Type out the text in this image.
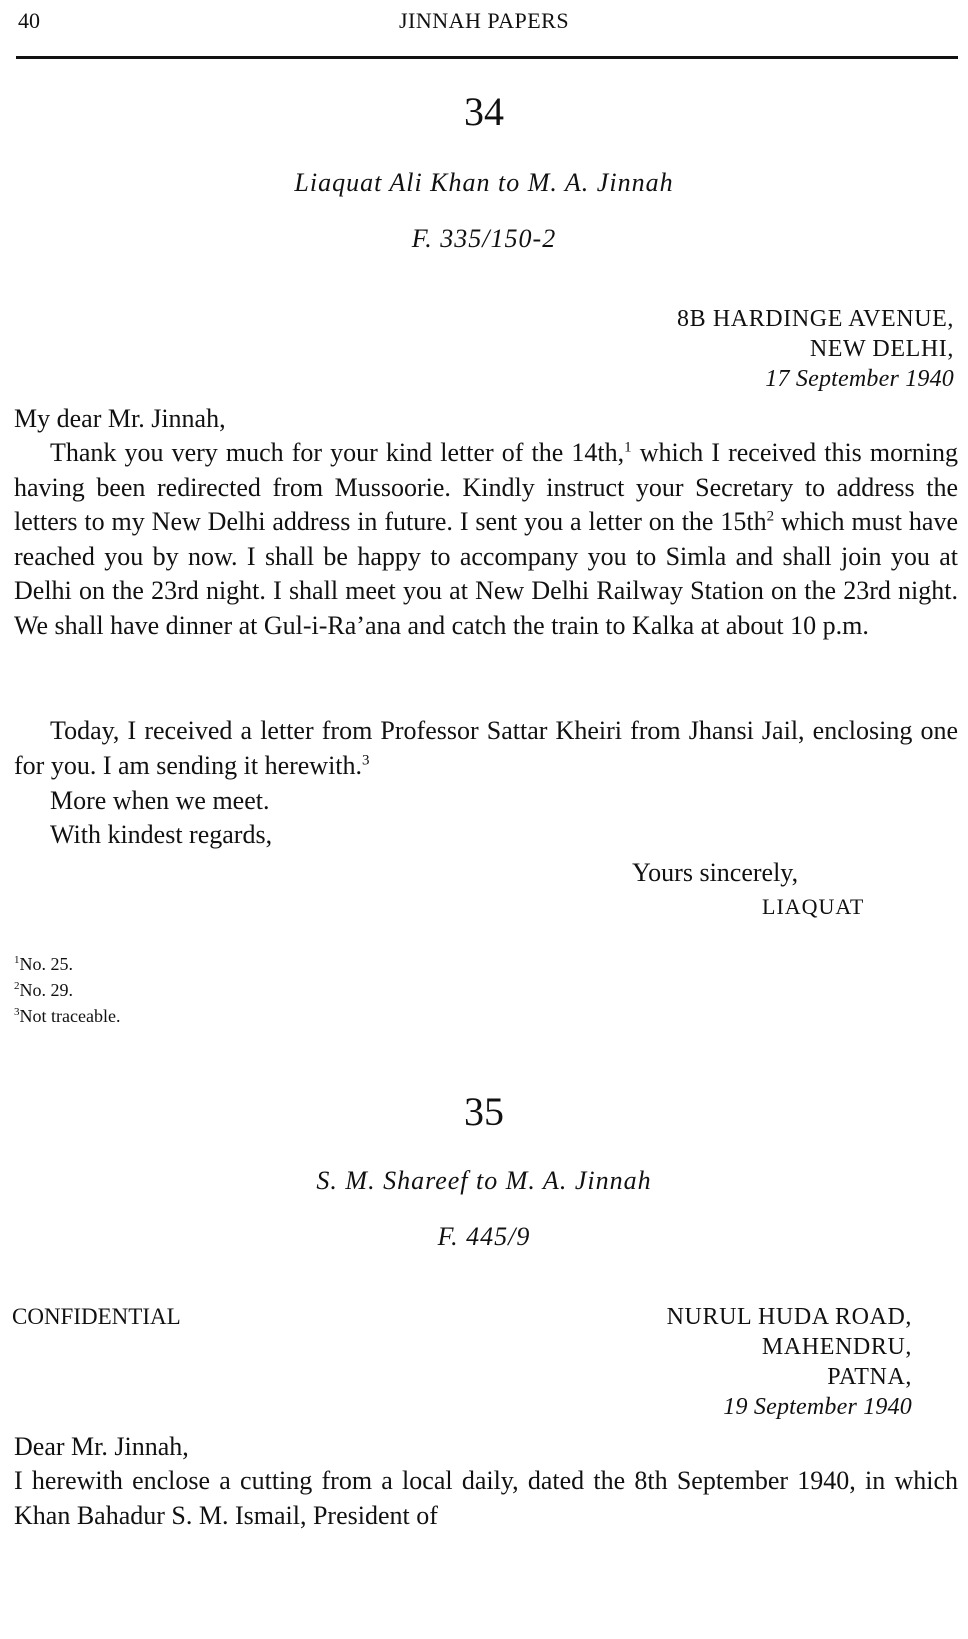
40	JINNAH PAPERS
34
Liaquat Ali Khan to M. A. Jinnah
F. 335/150-2
8B HARDINGE AVENUE,
NEW DELHI,
17 September 1940
My dear Mr. Jinnah,
Thank you very much for your kind letter of the 14th,$^1$ which I received this morning having been redirected from Mussoorie. Kindly instruct your Secretary to address the letters to my New Delhi address in future. I sent you a letter on the $15th^2$ which must have reached you by now. I shall be happy to accompany you to Simla and shall join you at Delhi on the 23rd night. I shall meet you at New Delhi Railway Station on the 23rd night. We shall have dinner at Gul-i-Ra’ana and catch the train to Kalka at about 10 p.m.
Today, I received a letter from Professor Sattar Kheiri from Jhansi Jail, enclosing one for you. I am sending it herewith.$^3$
More when we meet.
With kindest regards,
Yours sincerely,
LIAQUAT
$^1$No. 25.
$^2$No. 29.
$^3$Not traceable.
35
S. M. Shareef to M. A. Jinnah
F. 445/9
CONFIDENTIAL	NURUL HUDA ROAD,
MAHENDRU,
PATNA,
19 September 1940
Dear Mr. Jinnah,
I herewith enclose a cutting from a local daily, dated the 8th September 1940, in which Khan Bahadur S. M. Ismail, President of
